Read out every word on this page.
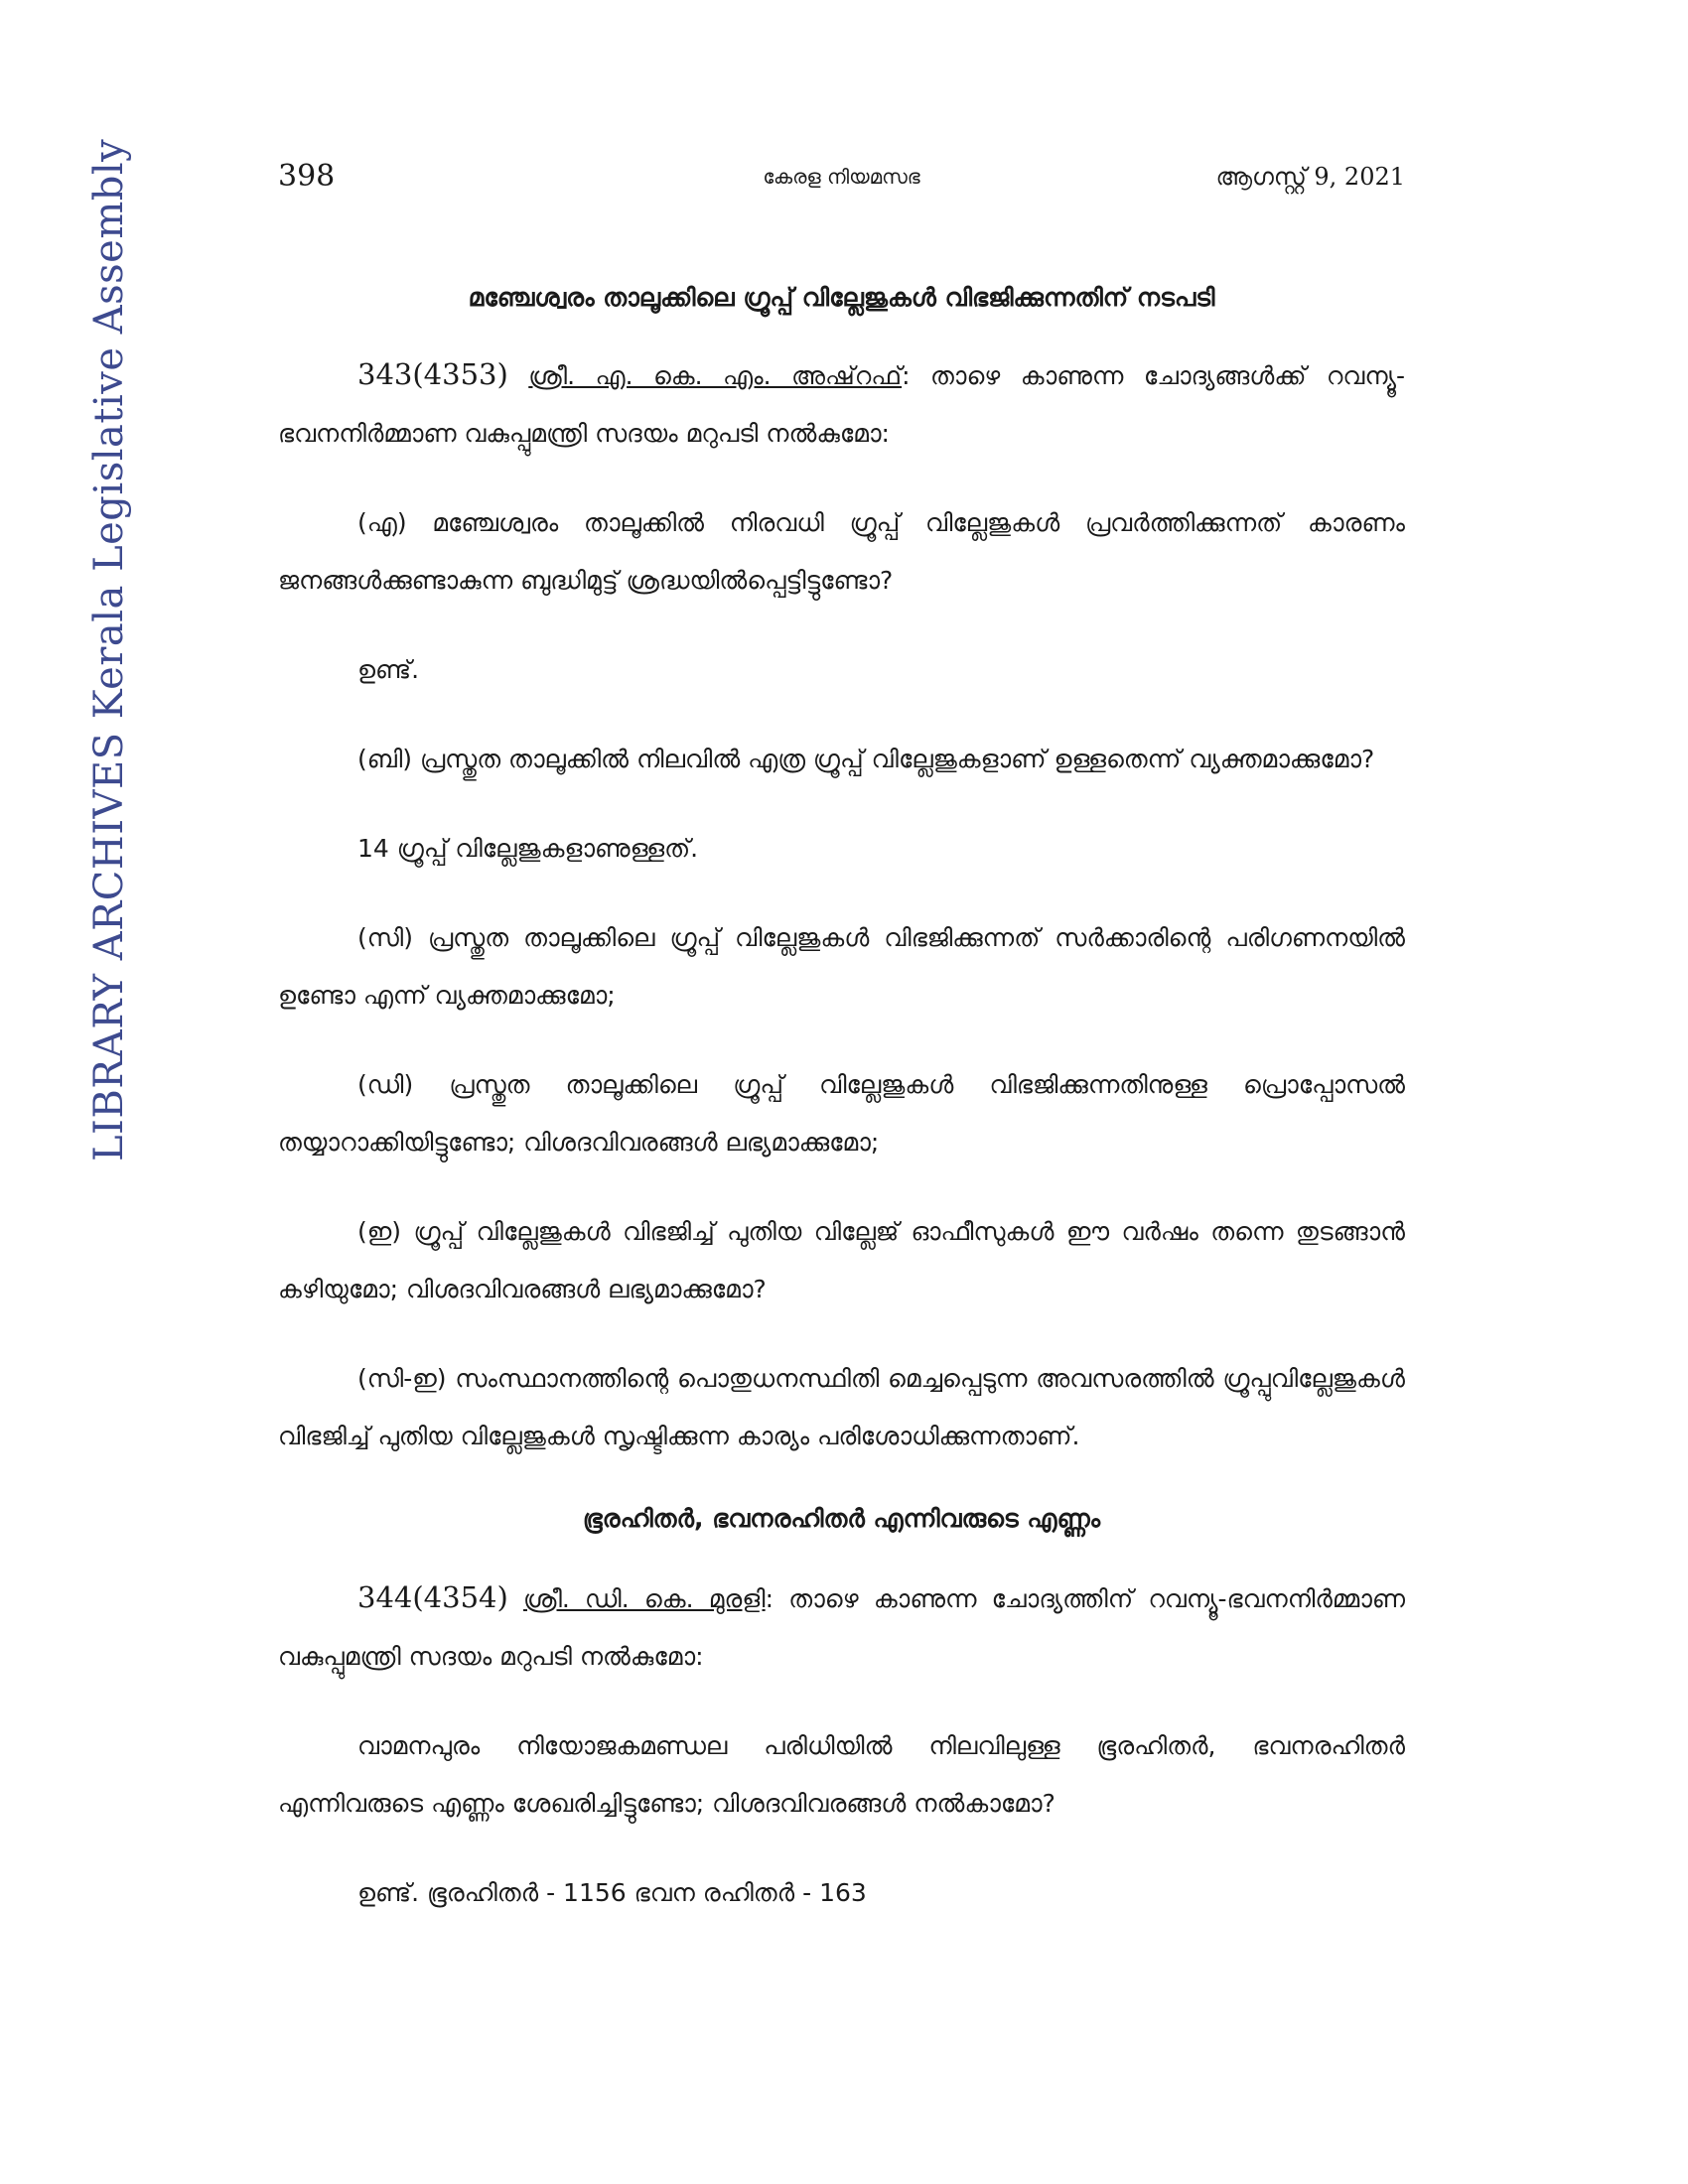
LIBRARY ARCHIVES Kerala Legislative Assembly	398	കേരള നിയമസഭ	ആഗസ്റ്റ് 9, 2021
മഞ്ചേശ്വരം താലൂക്കിലെ ഗ്രൂപ്പ് വില്ലേജുകൾ വിഭജിക്കുന്നതിന് നടപടി

343(4353) ശ്രീ. എ. കെ. എം. അഷ്‌റഫ്: താഴെ കാണുന്ന ചോദ്യങ്ങൾക്ക് റവന്യൂ-ഭവനനിർമ്മാണ വകുപ്പുമന്ത്രി സദയം മറുപടി നൽകുമോ:

(എ) മഞ്ചേശ്വരം താലൂക്കിൽ നിരവധി ഗ്രൂപ്പ് വില്ലേജുകൾ പ്രവർത്തിക്കുന്നത് കാരണം ജനങ്ങൾക്കുണ്ടാകുന്ന ബുദ്ധിമുട്ട് ശ്രദ്ധയിൽപ്പെട്ടിട്ടുണ്ടോ?

ഉണ്ട്.

(ബി) പ്രസ്തുത താലൂക്കിൽ നിലവിൽ എത്ര ഗ്രൂപ്പ് വില്ലേജുകളാണ് ഉള്ളതെന്ന് വ്യക്തമാക്കുമോ?

14 ഗ്രൂപ്പ് വില്ലേജുകളാണുള്ളത്.

(സി) പ്രസ്തുത താലൂക്കിലെ ഗ്രൂപ്പ് വില്ലേജുകൾ വിഭജിക്കുന്നത് സർക്കാരിന്റെ പരിഗണനയിൽ ഉണ്ടോ എന്ന് വ്യക്തമാക്കുമോ;

(ഡി) പ്രസ്തുത താലൂക്കിലെ ഗ്രൂപ്പ് വില്ലേജുകൾ വിഭജിക്കുന്നതിനുള്ള പ്രൊപ്പോസൽ തയ്യാറാക്കിയിട്ടുണ്ടോ; വിശദവിവരങ്ങൾ ലഭ്യമാക്കുമോ;

(ഇ) ഗ്രൂപ്പ് വില്ലേജുകൾ വിഭജിച്ച് പുതിയ വില്ലേജ് ഓഫീസുകൾ ഈ വർഷം തന്നെ തുടങ്ങാൻ കഴിയുമോ; വിശദവിവരങ്ങൾ ലഭ്യമാക്കുമോ?

(സി-ഇ) സംസ്ഥാനത്തിന്റെ പൊതുധനസ്ഥിതി മെച്ചപ്പെടുന്ന അവസരത്തിൽ ഗ്രൂപ്പുവില്ലേജുകൾ വിഭജിച്ച് പുതിയ വില്ലേജുകൾ സൃഷ്ടിക്കുന്ന കാര്യം പരിശോധിക്കുന്നതാണ്.

ഭൂരഹിതർ, ഭവനരഹിതർ എന്നിവരുടെ എണ്ണം

344(4354) ശ്രീ. ഡി. കെ. മുരളി: താഴെ കാണുന്ന ചോദ്യത്തിന് റവന്യൂ-ഭവനനിർമ്മാണ വകുപ്പുമന്ത്രി സദയം മറുപടി നൽകുമോ:

വാമനപുരം നിയോജകമണ്ഡല പരിധിയിൽ നിലവിലുള്ള ഭൂരഹിതർ, ഭവനരഹിതർ എന്നിവരുടെ എണ്ണം ശേഖരിച്ചിട്ടുണ്ടോ; വിശദവിവരങ്ങൾ നൽകാമോ?

ഉണ്ട്. ഭൂരഹിതർ - 1156 ഭവന രഹിതർ - 163
